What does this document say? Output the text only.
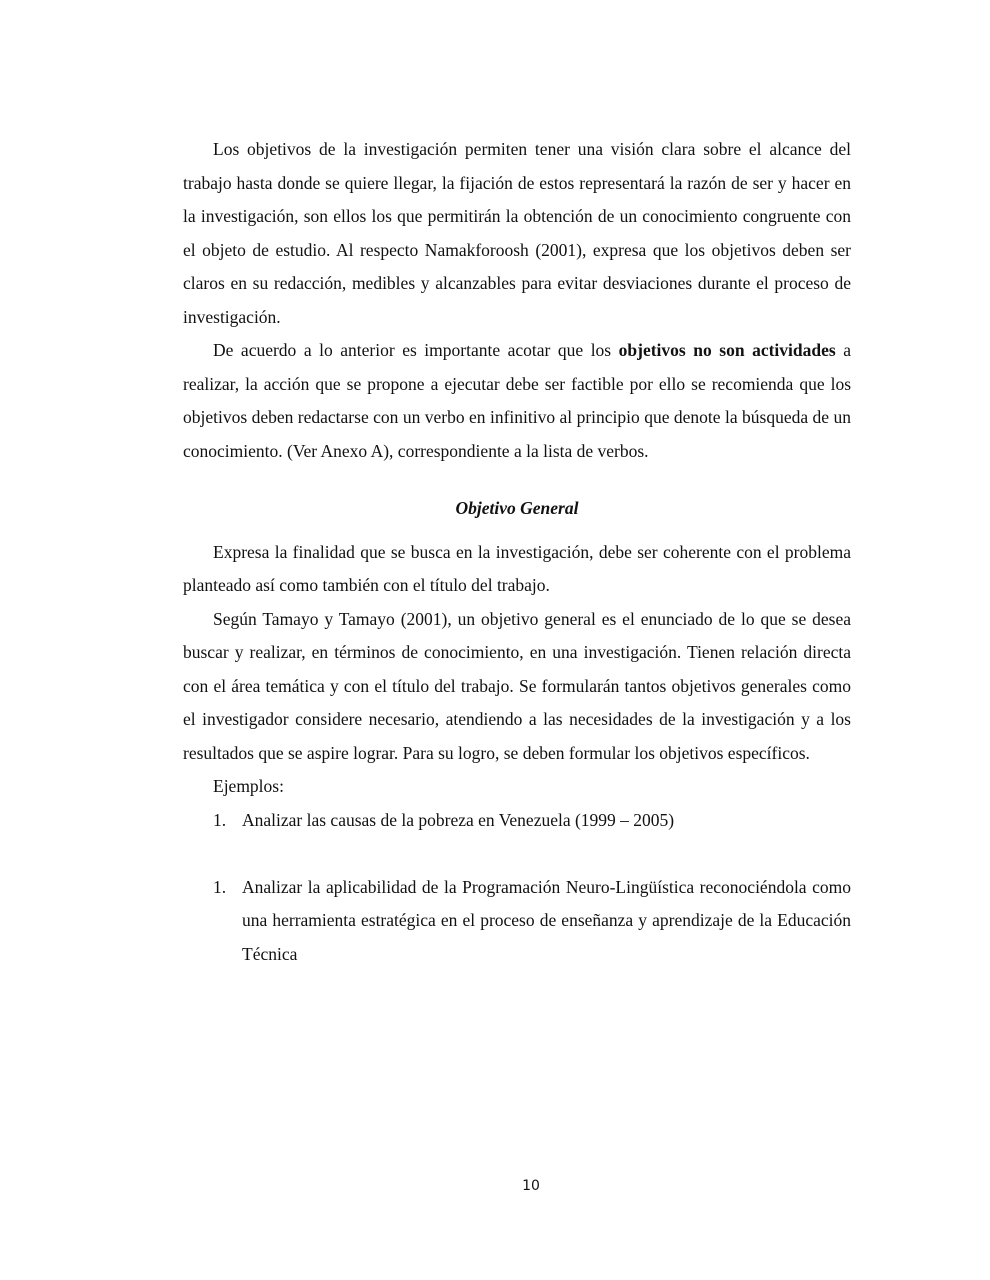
Los objetivos de la investigación permiten tener una visión clara sobre el alcance del trabajo hasta donde se quiere llegar, la fijación de estos representará la razón de ser y hacer en la investigación, son ellos los que permitirán la obtención de un conocimiento congruente con el objeto de estudio. Al respecto Namakforoosh (2001), expresa que los objetivos deben ser claros en su redacción, medibles y alcanzables para evitar desviaciones durante el proceso de investigación.

De acuerdo a lo anterior es importante acotar que los objetivos no son actividades a realizar, la acción que se propone a ejecutar debe ser factible por ello se recomienda que los objetivos deben redactarse con un verbo en infinitivo al principio que denote la búsqueda de un conocimiento. (Ver Anexo A), correspondiente a la lista de verbos.

Objetivo General

Expresa la finalidad que se busca en la investigación, debe ser coherente con el problema planteado así como también con el título del trabajo.

Según Tamayo y Tamayo (2001), un objetivo general es el enunciado de lo que se desea buscar y realizar, en términos de conocimiento, en una investigación. Tienen relación directa con el área temática y con el título del trabajo. Se formularán tantos objetivos generales como el investigador considere necesario, atendiendo a las necesidades de la investigación y a los resultados que se aspire lograr. Para su logro, se deben formular los objetivos específicos.

Ejemplos:

1. Analizar las causas de la pobreza en Venezuela (1999 – 2005)

1. Analizar la aplicabilidad de la Programación Neuro-Lingüística reconociéndola como una herramienta estratégica en el proceso de enseñanza y aprendizaje de la Educación Técnica

10
